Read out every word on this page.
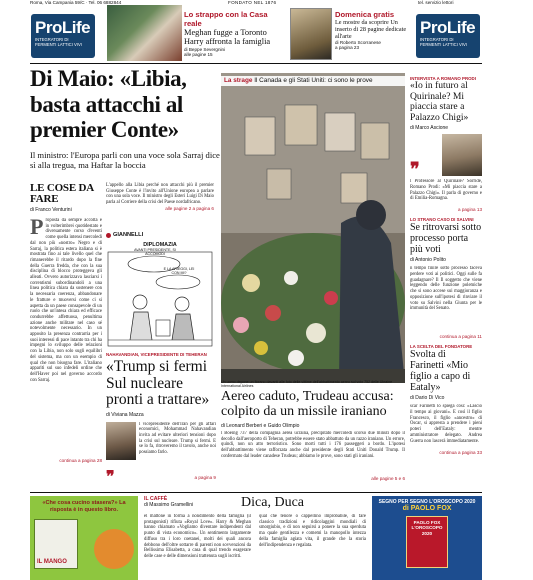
Roma, Via Campania 59/C · Tel. 06 6882844	FONDATO NEL 1876	tel. servizio lettori
ProLife
INTEGRATORI DI FERMENTI LATTICI VIVI
Lo strappo con la Casa reale
Meghan fugge a Toronto Harry affronta la famiglia
di Beppe Severgnini
alle pagine 15
Domenica gratis
Le mostre da scoprire Un inserto di 28 pagine dedicate all'arte
di Roberto Scorranese
a pagina 23
ProLife
INTEGRATORI DI FERMENTI LATTICI VIVI
Di Maio: «Libia, basta attacchi al premier Conte»
Il ministro: l'Europa parli con una voce sola Sarraj dice sì alla tregua, ma Haftar la boccia
LE COSE DA FARE
di Franco Venturini
P roposta da sempre accolta e in volterimbrei quotidestato e diversamente corso d'eventi come quella intensi mercoledì dal non più «nostro» Negro e di Sarraj, la politica estera italiana si è mostrata fino ai tale livello quel che rimanerebbe il ritardo dopo la fine della Guerra fredda, che con la sua disciplina di blocco proteggeva gli alleati. Ovvero autorizzava lasciarsi i correntismi subordinandoli a una linea politica chiara da sostenere con la necessaria coerenza, abbandonare le fratture e muoversi come ci si aspetta da un paese consapevole di un ruolo che un'intesa chiara ed efficace condurrebbe affettuosa, penultima azione anche militare nel caso sé notevolmente necessario. In un apposito la presenza contrarria per i suoi interessi di pace intanto tra chi ha impegni lo sviluppo delle relazioni con la Libia, non solo sugli equilibri del sistema, ma con un esempio di qual che non bisogna fare. L'italiano appariti sul suo infedeli ordine che dell'Haver poi nel governo accordo con Sarraj.
continua a pagina 28
L'appello alla Libia perché non attacchi più il premier Giuseppe Conte è l'invito all'Unione europea a parlare con una sola voce. Il ministro degli Esteri Luigi Di Maio parla al Corriere della crisi del Paese nordafricano.
alle pagine 2 a pagina 6
GIANNELLI
DIPLOMAZIA
AVANTI PRESIDENTE, SI ACCOMODI
E LA ARIEGGI, LEI CON MI?
NAHAVANDIAN, VICEPRESIDENTE DI TEHERAN
«Trump si fermi Sul nucleare pronti a trattare»
di Viviana Mazza
l vicepresidente dell'Iran per gli affari economici, Mohammad Nahavandian invita ad evitare ulteriori tensioni dopo la crisi sul nucleare. Trump si fermi. E se lo fa, ritroveremo il tavolo, anche noi possiamo farlo.
❞	a pagina 9
La strage Il Canada e gli Stati Uniti: ci sono le prove
Un uomo depone un fiorano davanti alle foto delle vittime dell'abbattimento aereo sul volo 752 delle Ukraine International Airlines
Aereo caduto, Trudeau accusa: colpito da un missile iraniano
di Leonard Berberi e Guido Olimpio
l Boeing 737 della compagnia aerea ucraina, precipitato mercoledì scorso due minuti dopo il decollo dall'aeroporto di Teheran, potrebbe essere stato abbattuto da un razzo iraniano. Un errore, quindi, non un atto terroristico. Sono morti tutti i 176 passeggeri a bordo. L'ipotesi dell'abbattimento viene rafforzata anche dal presidente degli Stati Uniti Donald Trump. Il confermato dal leader canadese Trudeau; abbiamo le prove, sono stati gli iraniani.
alle pagine 5 e 6
INTERVISTA A ROMANO PRODI
«Io in futuro al Quirinale? Mi piaccia stare a Palazzo Chigi»
di Marco Ascione
❞
l Professore al Quirinale? Sorride, Romano Prodi: «Mi piaccia stare a Palazzo Chigi». Il parla di governo e di Emilia-Romagna.
a pagina 13
LO STRANO CASO DI SALVINI
Se ritrovarsi sotto processo porta più voti
di Antonio Polito
n tempo finire sotto processo faceva perdere voti ai politici. Oggi sulle fa guadagnare? Il Il soggetto che viene leggendo delle funzione polemiche che si sono accese sui maggioranza e opposizione sull'ipotesi di rinviare il voto su Salvini nella Giunta per le immunità del Senato.
continua a pagina 11
LA SCELTA DEL FONDATORE
Svolta di Farinetti «Mio figlio a capo di Eataly»
di Dario Di Vico
scar Farinetti lo spiega così: «Lascio il tempo ai giovani». E così il figlio Francesco, il figlio «ancestro» di Oscar, si appresta a prendere i pieni poteri dell'Eataly: mentre amministratore delegato. Andrea Guerra non lascerà immediatamente.
continua a pagina 33
«Che cosa cucino stasera?» La risposta è in questo libro.
IL MANGO
IL CAFFÈ
di Massimo Gramellini	Dica, Duca
el mattone in forma a nondimento della famiglia (il protagonisti) rifiuta «Royal Love». Harry & Meghan hanno chiamato «Vogliamo diventare indipendenti dal punto di vista economico». Un sentimento largamente diffuso tra i loro coetanei, molti dei quali ancora debbono dell'oltre sottarre di parenti non sovvenzioni da Bellissima Elisabetta, a casa di qual trendo esagerare delle case e delle dimensioni trattenuta sugli iscritti.
qual che tenore o cappellino improbabile, di fare classico tradizioni e ridicolaggini mondiali di smorgiubio, e di non seguirsi a ponere la sua sperduta ma quale gentilezza e comemi la manopollo intezza della famiglia agiata vita, il grande che la storia dell'indipendenza e regalata.
SEGNO PER SEGNO L'OROSCOPO 2020
di PAOLO FOX
PAOLO FOX L'OROSCOPO 2020
